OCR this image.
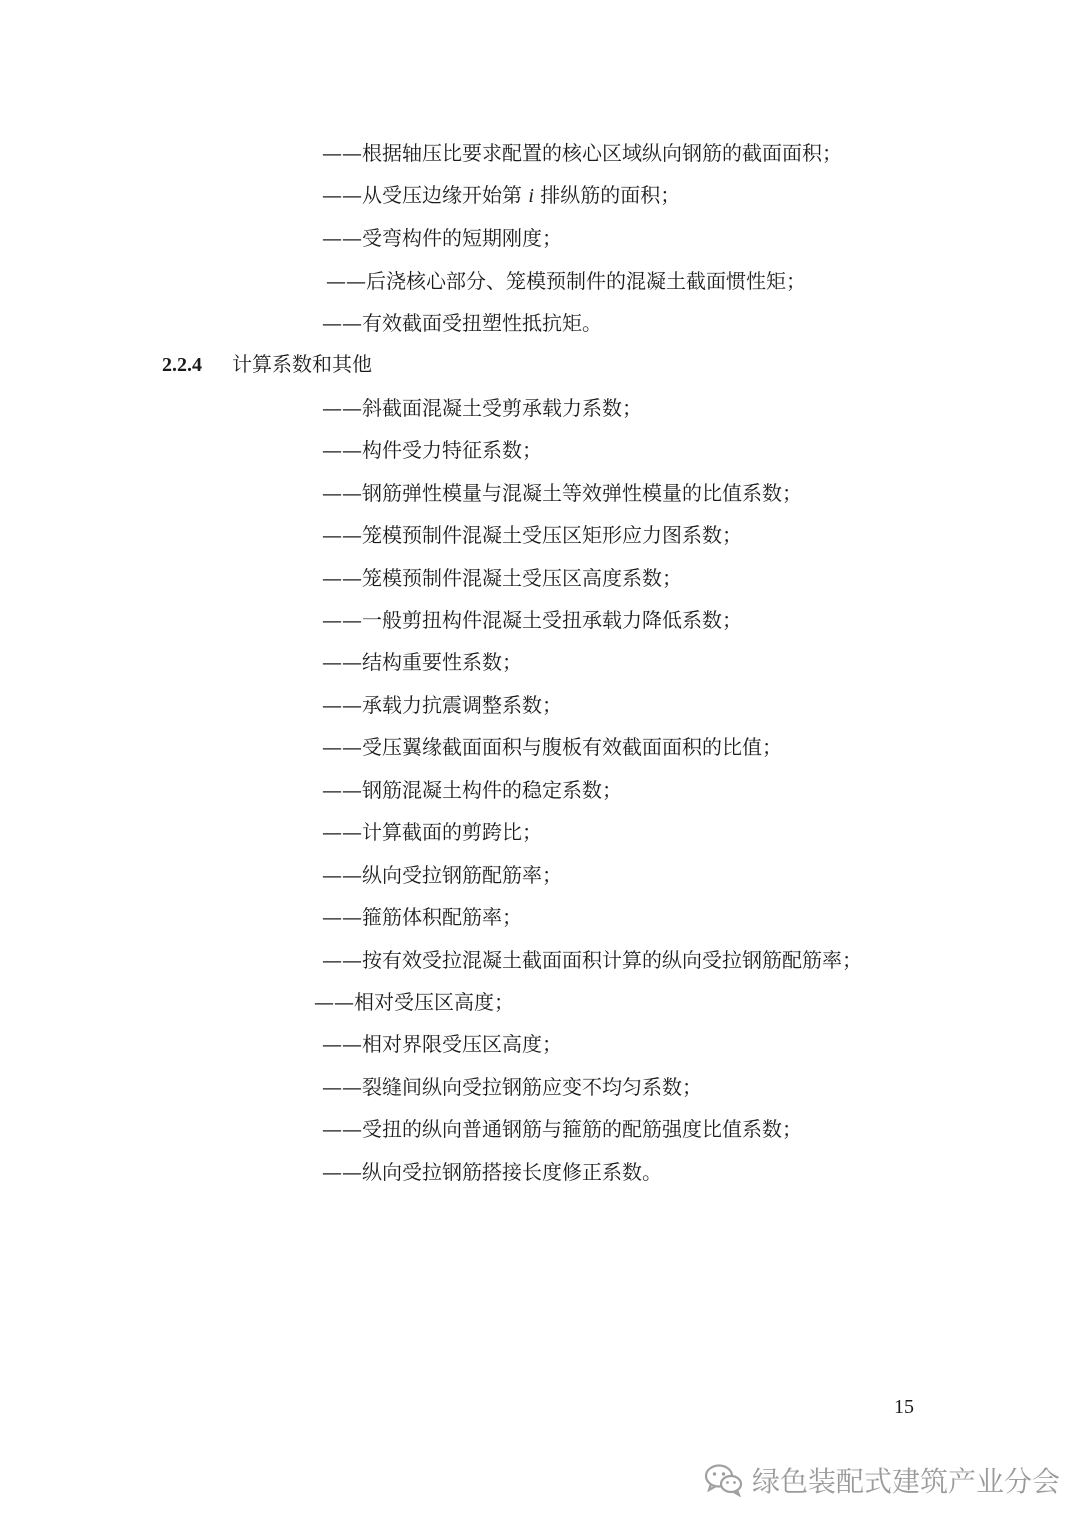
——根据轴压比要求配置的核心区域纵向钢筋的截面面积；
——从受压边缘开始第 i 排纵筋的面积；
——受弯构件的短期刚度；
——后浇核心部分、笼模预制件的混凝土截面惯性矩；
——有效截面受扭塑性抵抗矩。
2.2.4 计算系数和其他
——斜截面混凝土受剪承载力系数；
——构件受力特征系数；
——钢筋弹性模量与混凝土等效弹性模量的比值系数；
——笼模预制件混凝土受压区矩形应力图系数；
——笼模预制件混凝土受压区高度系数；
——一般剪扭构件混凝土受扭承载力降低系数；
——结构重要性系数；
——承载力抗震调整系数；
——受压翼缘截面面积与腹板有效截面面积的比值；
——钢筋混凝土构件的稳定系数；
——计算截面的剪跨比；
——纵向受拉钢筋配筋率；
——箍筋体积配筋率；
——按有效受拉混凝土截面面积计算的纵向受拉钢筋配筋率；
——相对受压区高度；
——相对界限受压区高度；
——裂缝间纵向受拉钢筋应变不均匀系数；
——受扭的纵向普通钢筋与箍筋的配筋强度比值系数；
——纵向受拉钢筋搭接长度修正系数。
15
绿色装配式建筑产业分会
